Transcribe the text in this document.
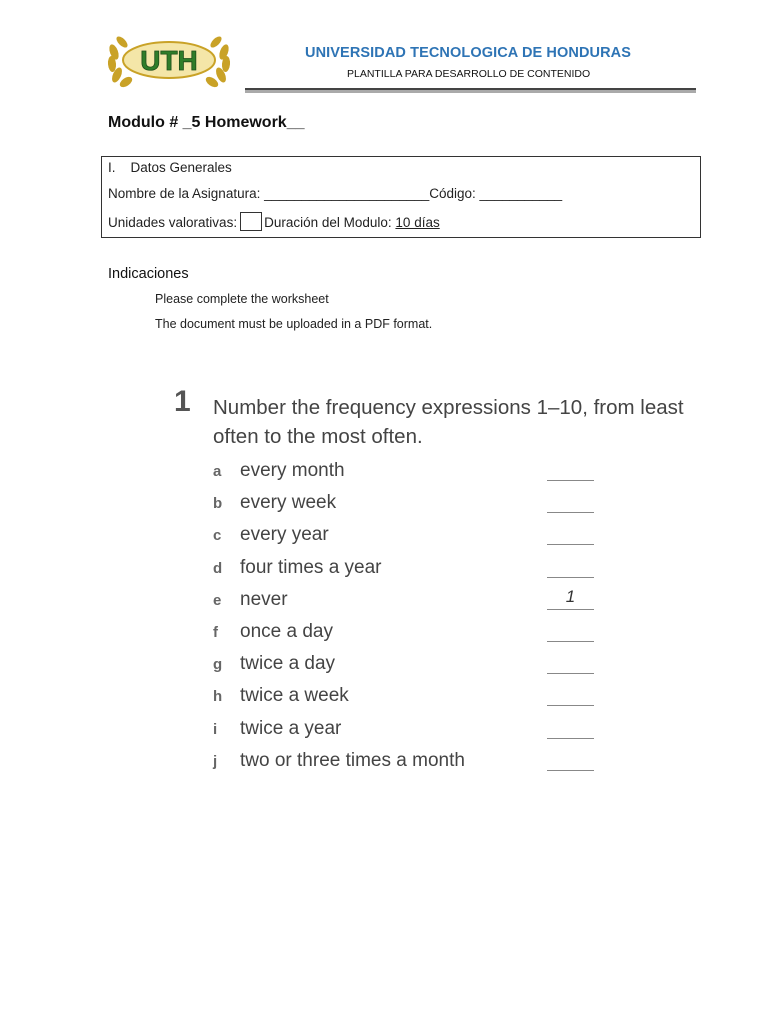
UTH	UNIVERSIDAD TECNOLOGICA DE HONDURAS
PLANTILLA PARA DESARROLLO DE CONTENIDO
Modulo # _5 Homework__
I.    Datos Generales
Nombre de la Asignatura: ______________________Código: ___________
Unidades valorativas: Duración del Modulo: 10 días
Indicaciones
Please complete the worksheet
The document must be uploaded in a PDF format.
1 Number the frequency expressions 1–10, from least often to the most often.
a every month
b every week
c every year
d four times a year
e never	1
f	once a day
g twice a day
h twice a week
i	twice a year
j	two or three times a month
